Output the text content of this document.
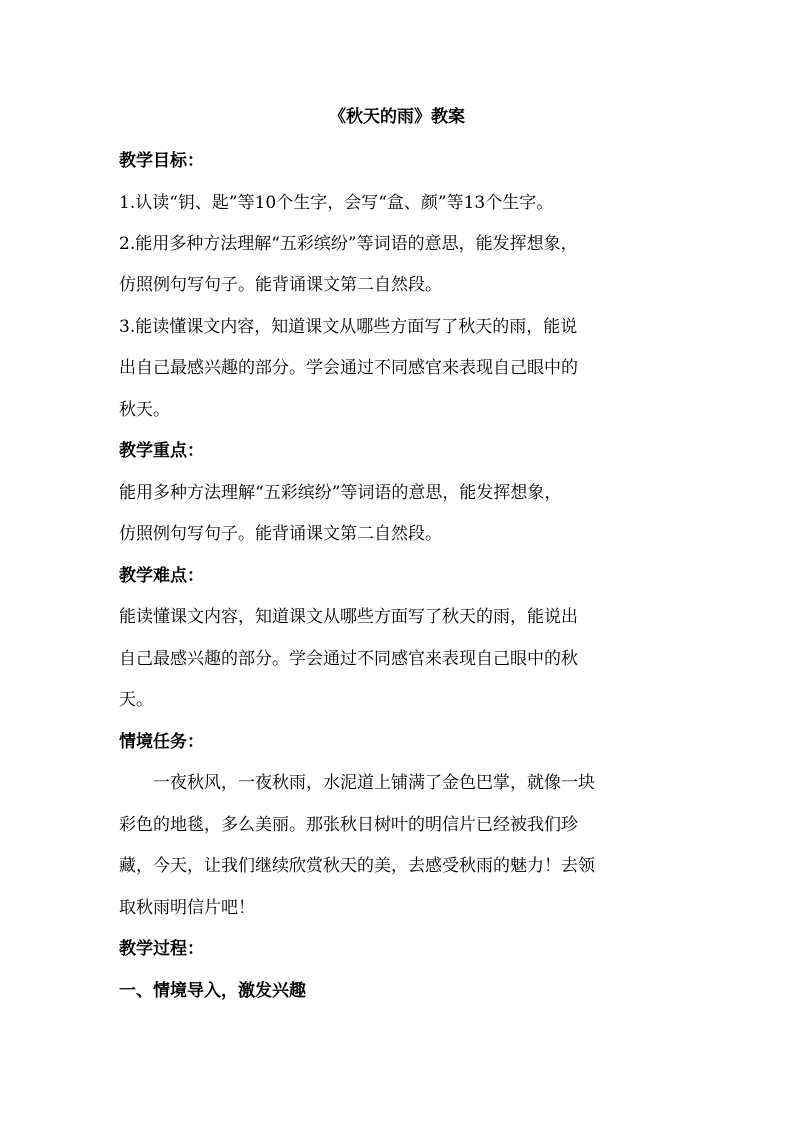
《秋天的雨》教案

教学目标：

1.认读“钥、匙”等10个生字，会写“盒、颜”等13个生字。

2.能用多种方法理解“五彩缤纷”等词语的意思，能发挥想象，

仿照例句写句子。能背诵课文第二自然段。

3.能读懂课文内容，知道课文从哪些方面写了秋天的雨，能说

出自己最感兴趣的部分。学会通过不同感官来表现自己眼中的

秋天。

教学重点：

能用多种方法理解“五彩缤纷”等词语的意思，能发挥想象，

仿照例句写句子。能背诵课文第二自然段。

教学难点：

能读懂课文内容，知道课文从哪些方面写了秋天的雨，能说出

自己最感兴趣的部分。学会通过不同感官来表现自己眼中的秋

天。

情境任务：

一夜秋风，一夜秋雨，水泥道上铺满了金色巴掌，就像一块

彩色的地毯，多么美丽。那张秋日树叶的明信片已经被我们珍

藏，今天，让我们继续欣赏秋天的美，去感受秋雨的魅力！去领

取秋雨明信片吧！

教学过程：

一、情境导入，激发兴趣
